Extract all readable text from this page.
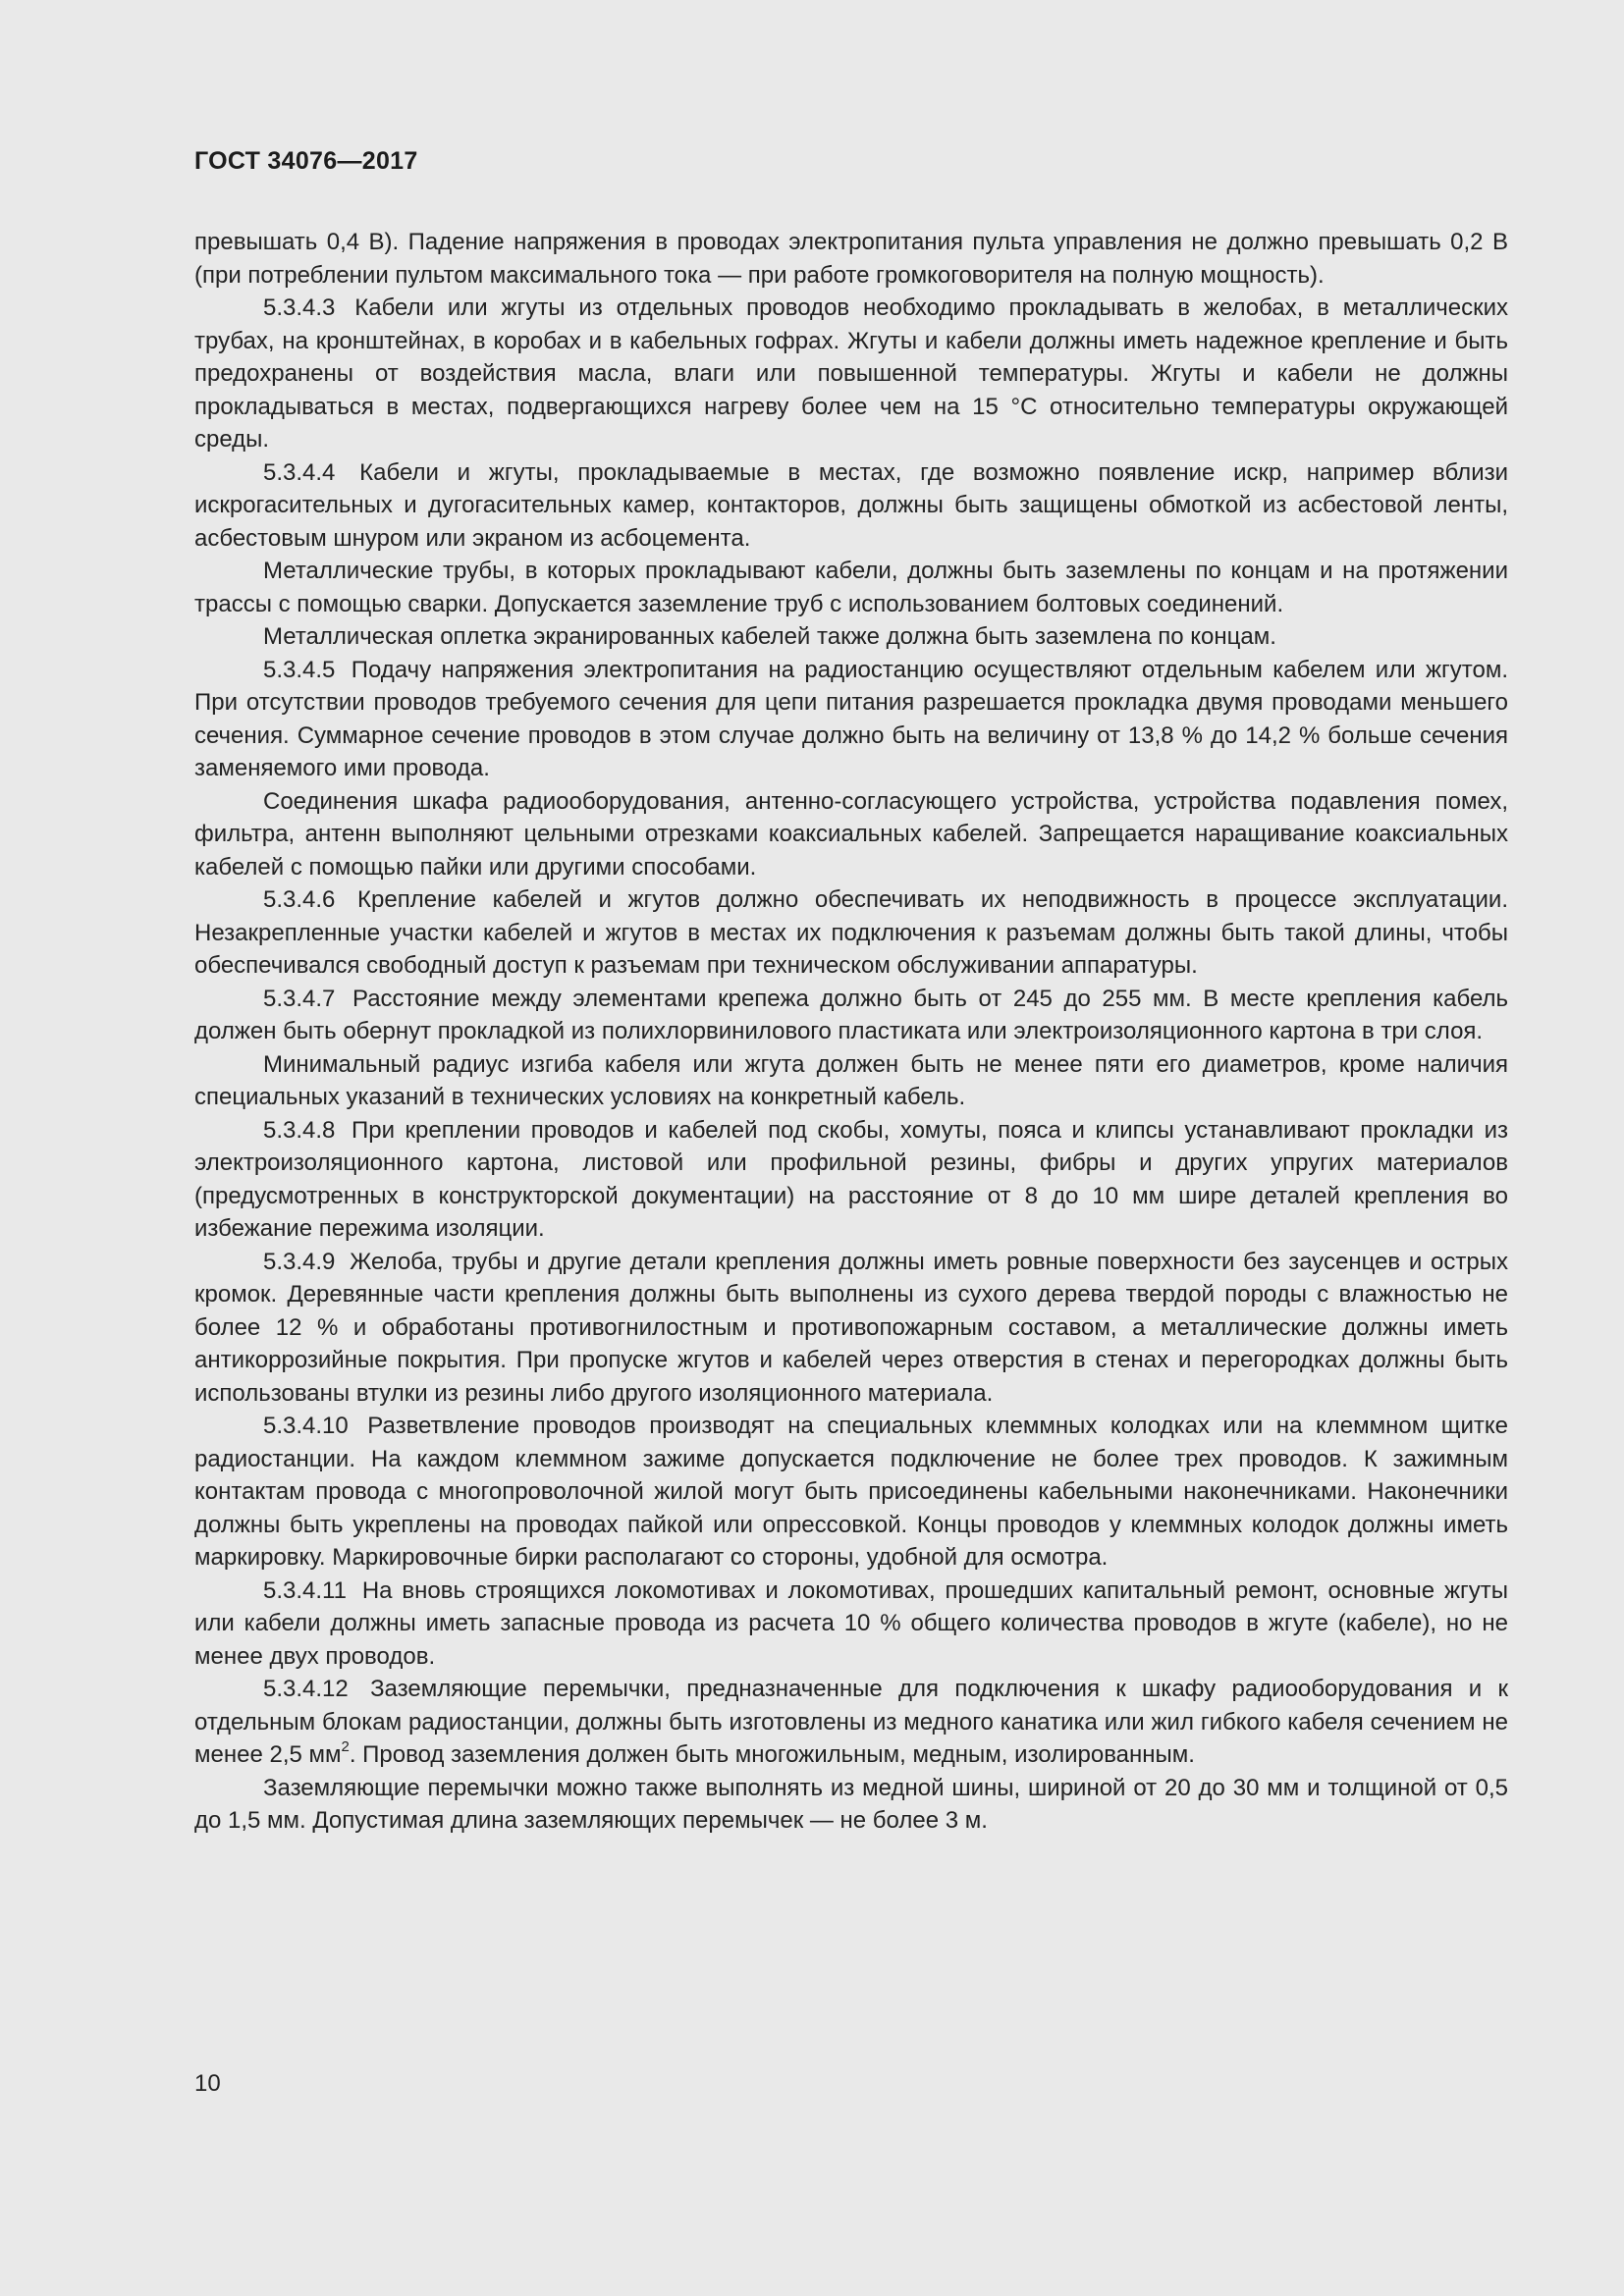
ГОСТ 34076—2017

превышать 0,4 В). Падение напряжения в проводах электропитания пульта управления не должно превышать 0,2 В (при потреблении пультом максимального тока — при работе громкоговорителя на полную мощность).

5.3.4.3 Кабели или жгуты из отдельных проводов необходимо прокладывать в желобах, в металлических трубах, на кронштейнах, в коробах и в кабельных гофрах. Жгуты и кабели должны иметь надежное крепление и быть предохранены от воздействия масла, влаги или повышенной температуры. Жгуты и кабели не должны прокладываться в местах, подвергающихся нагреву более чем на 15 °С относительно температуры окружающей среды.

5.3.4.4 Кабели и жгуты, прокладываемые в местах, где возможно появление искр, например вблизи искрогасительных и дугогасительных камер, контакторов, должны быть защищены обмоткой из асбестовой ленты, асбестовым шнуром или экраном из асбоцемента.

Металлические трубы, в которых прокладывают кабели, должны быть заземлены по концам и на протяжении трассы с помощью сварки. Допускается заземление труб с использованием болтовых соединений.

Металлическая оплетка экранированных кабелей также должна быть заземлена по концам.

5.3.4.5 Подачу напряжения электропитания на радиостанцию осуществляют отдельным кабелем или жгутом. При отсутствии проводов требуемого сечения для цепи питания разрешается прокладка двумя проводами меньшего сечения. Суммарное сечение проводов в этом случае должно быть на величину от 13,8 % до 14,2 % больше сечения заменяемого ими провода.

Соединения шкафа радиооборудования, антенно-согласующего устройства, устройства подавления помех, фильтра, антенн выполняют цельными отрезками коаксиальных кабелей. Запрещается наращивание коаксиальных кабелей с помощью пайки или другими способами.

5.3.4.6 Крепление кабелей и жгутов должно обеспечивать их неподвижность в процессе эксплуатации. Незакрепленные участки кабелей и жгутов в местах их подключения к разъемам должны быть такой длины, чтобы обеспечивался свободный доступ к разъемам при техническом обслуживании аппаратуры.

5.3.4.7 Расстояние между элементами крепежа должно быть от 245 до 255 мм. В месте крепления кабель должен быть обернут прокладкой из полихлорвинилового пластиката или электроизоляционного картона в три слоя.

Минимальный радиус изгиба кабеля или жгута должен быть не менее пяти его диаметров, кроме наличия специальных указаний в технических условиях на конкретный кабель.

5.3.4.8 При креплении проводов и кабелей под скобы, хомуты, пояса и клипсы устанавливают прокладки из электроизоляционного картона, листовой или профильной резины, фибры и других упругих материалов (предусмотренных в конструкторской документации) на расстояние от 8 до 10 мм шире деталей крепления во избежание пережима изоляции.

5.3.4.9 Желоба, трубы и другие детали крепления должны иметь ровные поверхности без заусенцев и острых кромок. Деревянные части крепления должны быть выполнены из сухого дерева твердой породы с влажностью не более 12 % и обработаны противогнилостным и противопожарным составом, а металлические должны иметь антикоррозийные покрытия. При пропуске жгутов и кабелей через отверстия в стенах и перегородках должны быть использованы втулки из резины либо другого изоляционного материала.

5.3.4.10 Разветвление проводов производят на специальных клеммных колодках или на клеммном щитке радиостанции. На каждом клеммном зажиме допускается подключение не более трех проводов. К зажимным контактам провода с многопроволочной жилой могут быть присоединены кабельными наконечниками. Наконечники должны быть укреплены на проводах пайкой или опрессовкой. Концы проводов у клеммных колодок должны иметь маркировку. Маркировочные бирки располагают со стороны, удобной для осмотра.

5.3.4.11 На вновь строящихся локомотивах и локомотивах, прошедших капитальный ремонт, основные жгуты или кабели должны иметь запасные провода из расчета 10 % общего количества проводов в жгуте (кабеле), но не менее двух проводов.

5.3.4.12 Заземляющие перемычки, предназначенные для подключения к шкафу радиооборудования и к отдельным блокам радиостанции, должны быть изготовлены из медного канатика или жил гибкого кабеля сечением не менее 2,5 $мм^2$. Провод заземления должен быть многожильным, медным, изолированным.

Заземляющие перемычки можно также выполнять из медной шины, шириной от 20 до 30 мм и толщиной от 0,5 до 1,5 мм. Допустимая длина заземляющих перемычек — не более 3 м.

10
